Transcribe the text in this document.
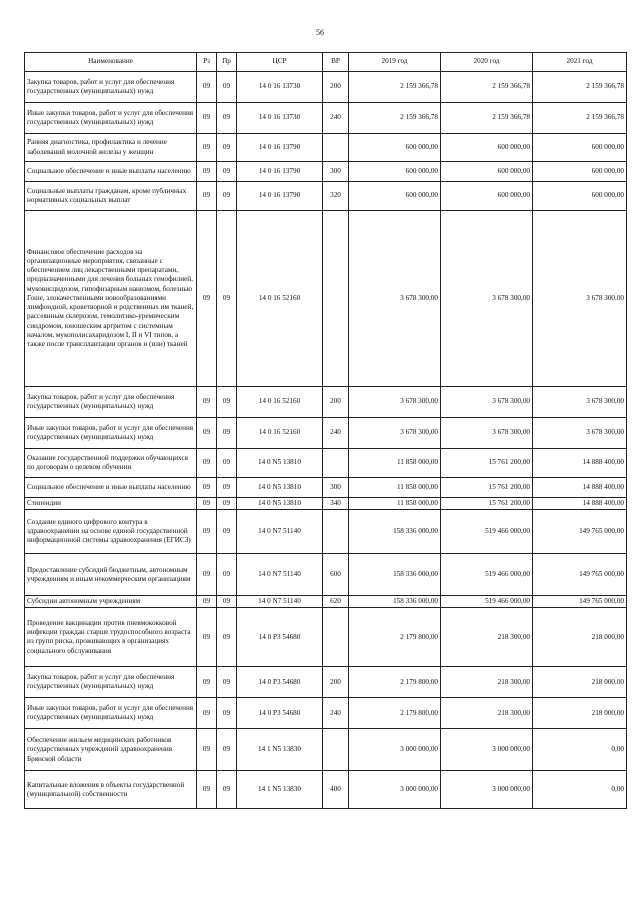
56
Наименование	Рз	Пр	ЦСР	ВР	2019 год	2020 год	2021 год
Закупка товаров, работ и услуг для обеспечения государственных (муниципальных) нужд	09	09	14 0 16 13730	200	2 159 366,78	2 159 366,78	2 159 366,78
Иные закупки товаров, работ и услуг для обеспечения государственных (муниципальных) нужд	09	09	14 0 16 13730	240	2 159 366,78	2 159 366,78	2 159 366,78
Ранняя диагностика, профилактика и лечение заболеваний молочной железы у женщин	09	09	14 0 16 13790		600 000,00	600 000,00	600 000,00
Социальное обеспечение и иные выплаты населению	09	09	14 0 16 13790	300	600 000,00	600 000,00	600 000,00
Социальные выплаты гражданам, кроме публичных нормативных социальных выплат	09	09	14 0 16 13790	320	600 000,00	600 000,00	600 000,00
Финансовое обеспечение расходов на организационные мероприятия, связанные с обеспечением лиц лекарственными препаратами, предназначенными для лечения больных гемофилией, муковисцидозом, гипофизарным нанизмом, болезнью Гоше, злокачественными новообразованиями лимфоидной, кроветворной и родственных им тканей, рассеянным склерозом, гемолитико-уремическим синдромом, юношеским артритом с системным началом, мукополисахаридозом I, II и VI типов, а также после трансплантации органов и (или) тканей	09	09	14 0 16 52160		3 678 300,00	3 678 300,00	3 678 300,00
Закупка товаров, работ и услуг для обеспечения государственных (муниципальных) нужд	09	09	14 0 16 52160	200	3 678 300,00	3 678 300,00	3 678 300,00
Иные закупки товаров, работ и услуг для обеспечения государственных (муниципальных) нужд	09	09	14 0 16 52160	240	3 678 300,00	3 678 300,00	3 678 300,00
Оказание государственной поддержки обучающихся по договорам о целевом обучении	09	09	14 0 N5 13810		11 858 000,00	15 761 200,00	14 888 400,00
Социальное обеспечение и иные выплаты населению	09	09	14 0 N5 13810	300	11 858 000,00	15 761 200,00	14 888 400,00
Стипендии	09	09	14 0 N5 13810	340	11 858 000,00	15 761 200,00	14 888 400,00
Создание единого цифрового контура в здравоохранении на основе единой государственной информационной системы здравоохранения (ЕГИСЗ)	09	09	14 0 N7 51140		158 336 000,00	519 466 000,00	149 765 000,00
Предоставление субсидий бюджетным, автономным учреждениям и иным некоммерческим организациям	09	09	14 0 N7 51140	600	158 336 000,00	519 466 000,00	149 765 000,00
Субсидии автономным учреждениям	09	09	14 0 N7 51140	620	158 336 000,00	519 466 000,00	149 765 000,00
Проведение вакцинации против пневмококковой инфекции граждан старше трудоспособного возраста из групп риска, проживающих в организациях социального обслуживания	09	09	14 0 P3 54680		2 179 800,00	218 300,00	218 000,00
Закупка товаров, работ и услуг для обеспечения государственных (муниципальных) нужд	09	09	14 0 P3 54680	200	2 179 800,00	218 300,00	218 000,00
Иные закупки товаров, работ и услуг для обеспечения государственных (муниципальных) нужд	09	09	14 0 P3 54680	240	2 179 800,00	218 300,00	218 000,00
Обеспечение жильем медицинских работников государственных учреждений здравоохранения Брянской области	09	09	14 1 N5 13830		3 000 000,00	3 000 000,00	0,00
Капитальные вложения в объекты государственной (муниципальной) собственности	09	09	14 1 N5 13830	400	3 000 000,00	3 000 000,00	0,00
